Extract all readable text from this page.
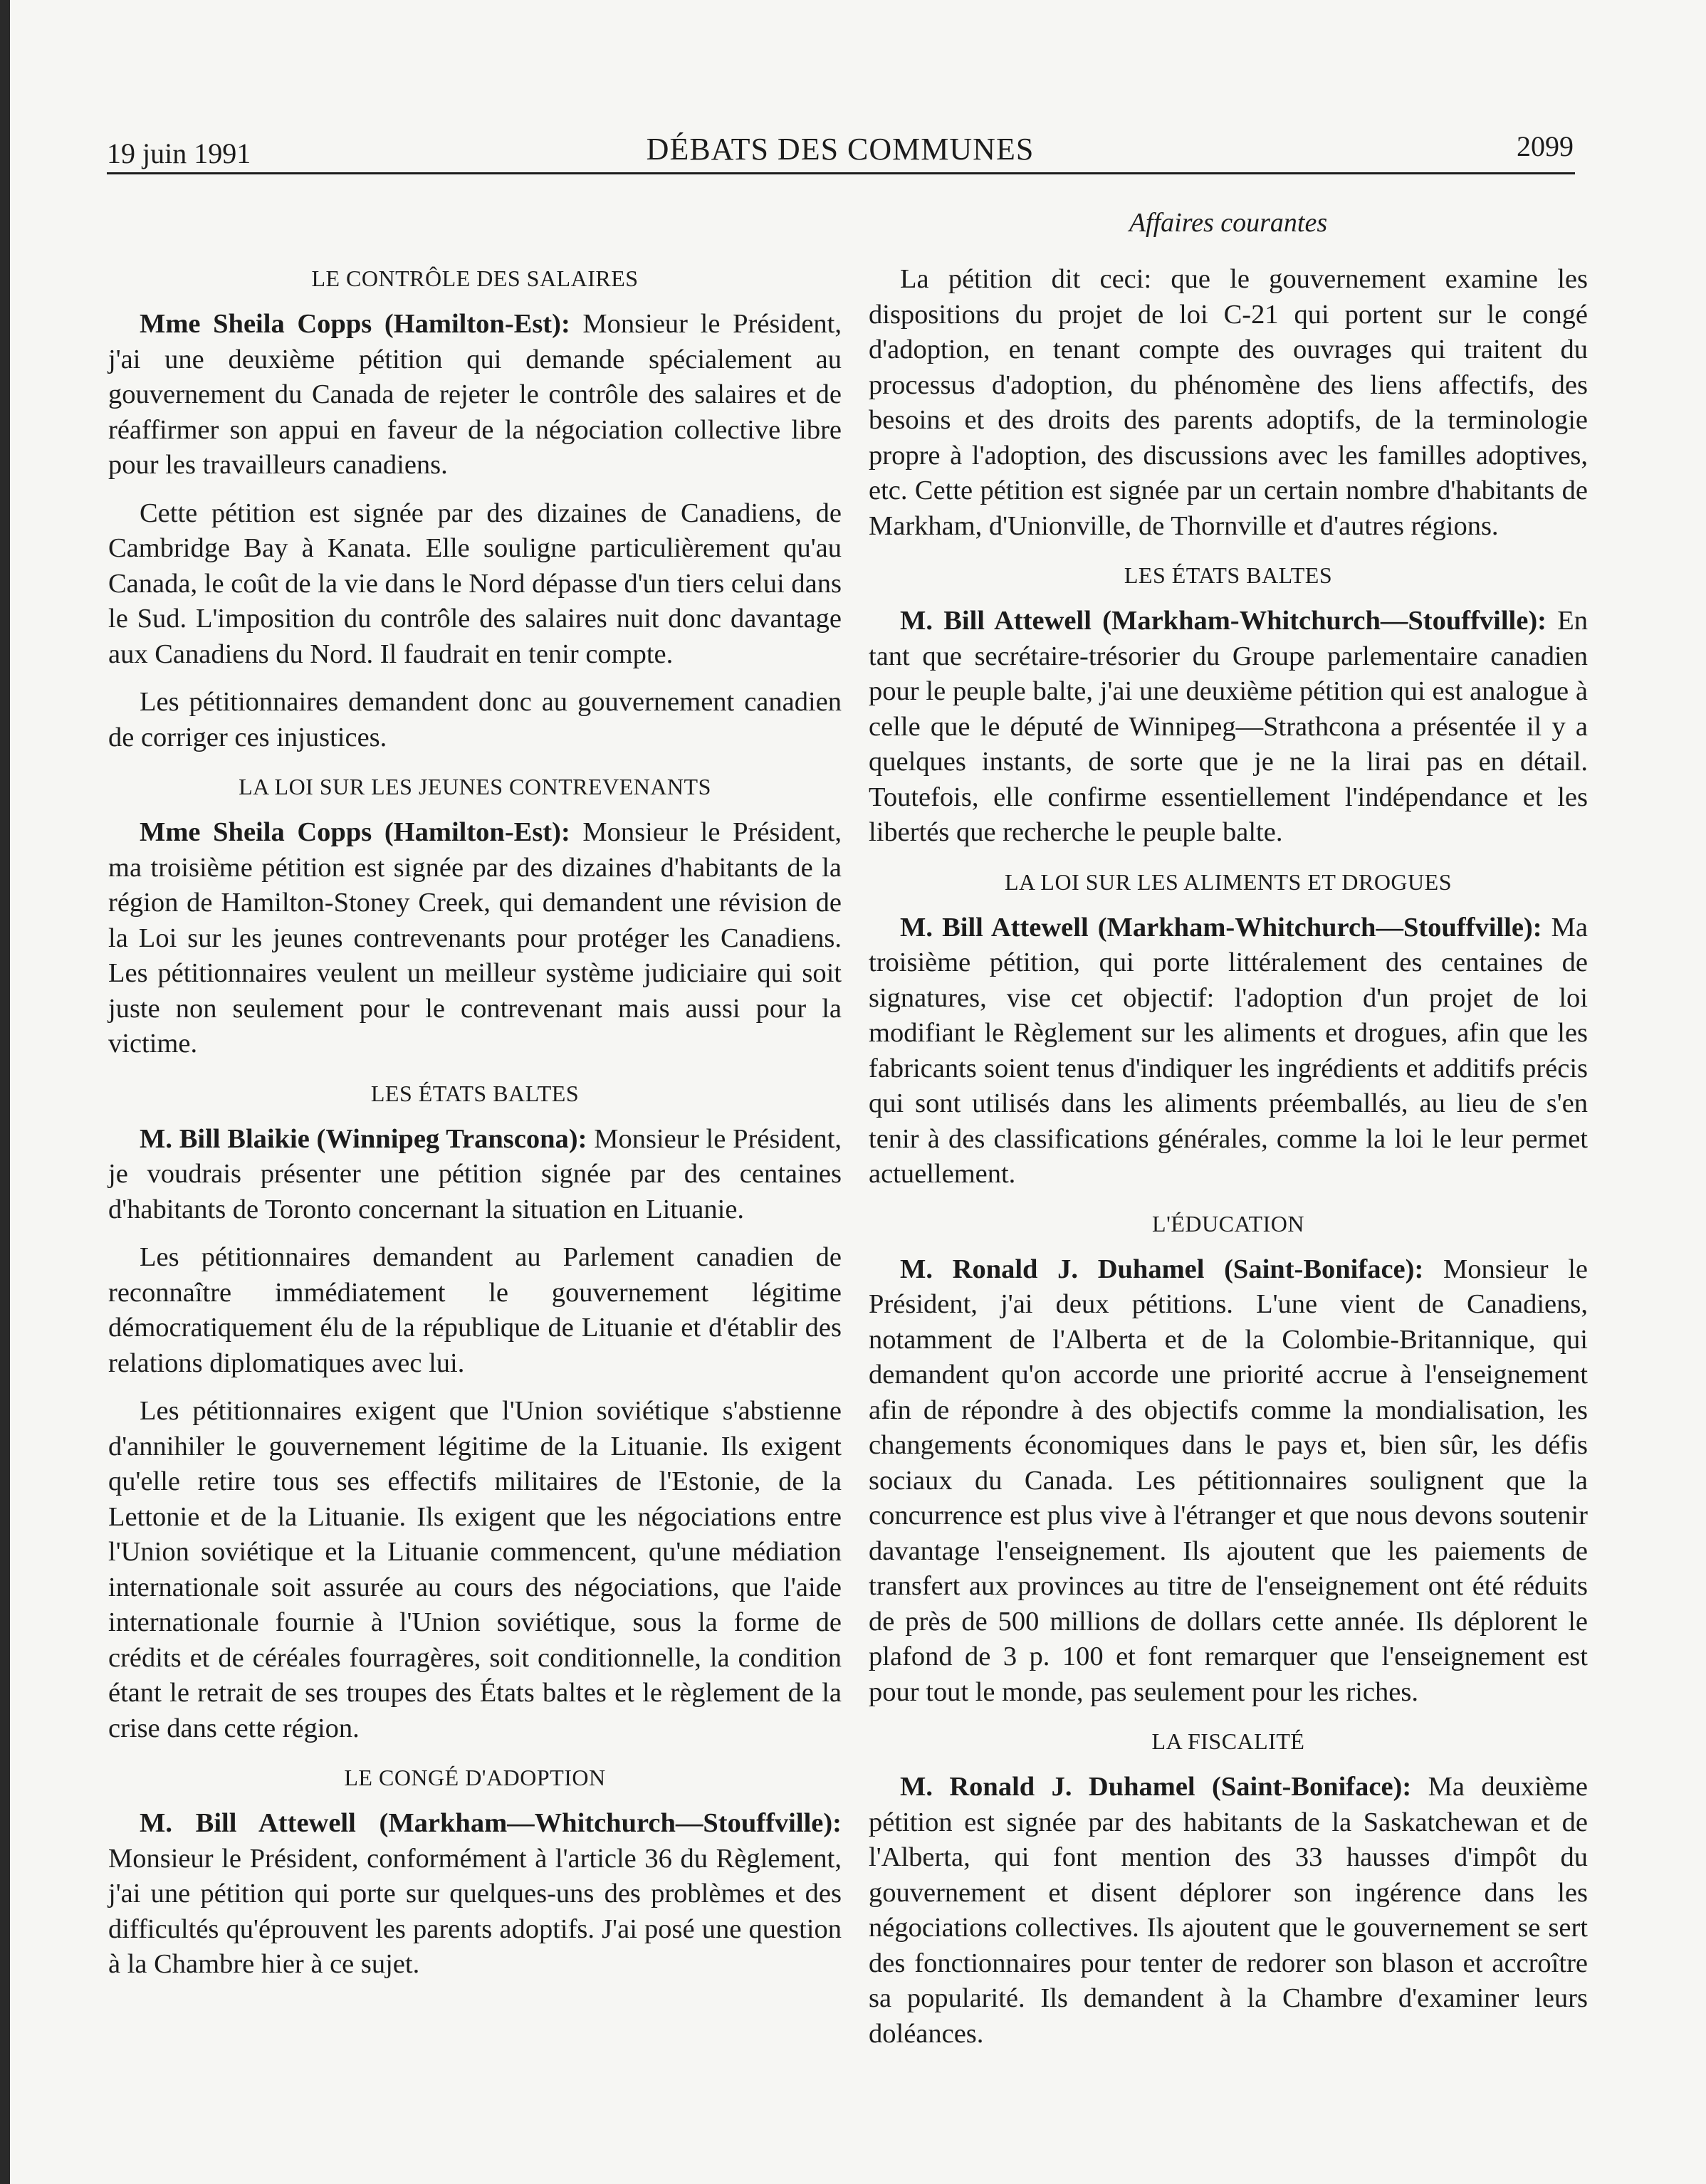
19 juin 1991	DÉBATS DES COMMUNES	2099
LE CONTRÔLE DES SALAIRES

Mme Sheila Copps (Hamilton-Est): Monsieur le Président, j'ai une deuxième pétition qui demande spécialement au gouvernement du Canada de rejeter le contrôle des salaires et de réaffirmer son appui en faveur de la négociation collective libre pour les travailleurs canadiens.

Cette pétition est signée par des dizaines de Canadiens, de Cambridge Bay à Kanata. Elle souligne particulièrement qu'au Canada, le coût de la vie dans le Nord dépasse d'un tiers celui dans le Sud. L'imposition du contrôle des salaires nuit donc davantage aux Canadiens du Nord. Il faudrait en tenir compte.

Les pétitionnaires demandent donc au gouvernement canadien de corriger ces injustices.

LA LOI SUR LES JEUNES CONTREVENANTS

Mme Sheila Copps (Hamilton-Est): Monsieur le Président, ma troisième pétition est signée par des dizaines d'habitants de la région de Hamilton-Stoney Creek, qui demandent une révision de la Loi sur les jeunes contrevenants pour protéger les Canadiens. Les pétitionnaires veulent un meilleur système judiciaire qui soit juste non seulement pour le contrevenant mais aussi pour la victime.

LES ÉTATS BALTES

M. Bill Blaikie (Winnipeg Transcona): Monsieur le Président, je voudrais présenter une pétition signée par des centaines d'habitants de Toronto concernant la situation en Lituanie.

Les pétitionnaires demandent au Parlement canadien de reconnaître immédiatement le gouvernement légitime démocratiquement élu de la république de Lituanie et d'établir des relations diplomatiques avec lui.

Les pétitionnaires exigent que l'Union soviétique s'abstienne d'annihiler le gouvernement légitime de la Lituanie. Ils exigent qu'elle retire tous ses effectifs militaires de l'Estonie, de la Lettonie et de la Lituanie. Ils exigent que les négociations entre l'Union soviétique et la Lituanie commencent, qu'une médiation internationale soit assurée au cours des négociations, que l'aide internationale fournie à l'Union soviétique, sous la forme de crédits et de céréales fourragères, soit conditionnelle, la condition étant le retrait de ses troupes des États baltes et le règlement de la crise dans cette région.

LE CONGÉ D'ADOPTION

M. Bill Attewell (Markham—Whitchurch—Stouffville): Monsieur le Président, conformément à l'article 36 du Règlement, j'ai une pétition qui porte sur quelques-uns des problèmes et des difficultés qu'éprouvent les parents adoptifs. J'ai posé une question à la Chambre hier à ce sujet.

Affaires courantes

La pétition dit ceci: que le gouvernement examine les dispositions du projet de loi C-21 qui portent sur le congé d'adoption, en tenant compte des ouvrages qui traitent du processus d'adoption, du phénomène des liens affectifs, des besoins et des droits des parents adoptifs, de la terminologie propre à l'adoption, des discussions avec les familles adoptives, etc. Cette pétition est signée par un certain nombre d'habitants de Markham, d'Unionville, de Thornville et d'autres régions.

LES ÉTATS BALTES

M. Bill Attewell (Markham-Whitchurch—Stouffville): En tant que secrétaire-trésorier du Groupe parlementaire canadien pour le peuple balte, j'ai une deuxième pétition qui est analogue à celle que le député de Winnipeg—Strathcona a présentée il y a quelques instants, de sorte que je ne la lirai pas en détail. Toutefois, elle confirme essentiellement l'indépendance et les libertés que recherche le peuple balte.

LA LOI SUR LES ALIMENTS ET DROGUES

M. Bill Attewell (Markham-Whitchurch—Stouffville): Ma troisième pétition, qui porte littéralement des centaines de signatures, vise cet objectif: l'adoption d'un projet de loi modifiant le Règlement sur les aliments et drogues, afin que les fabricants soient tenus d'indiquer les ingrédients et additifs précis qui sont utilisés dans les aliments préemballés, au lieu de s'en tenir à des classifications générales, comme la loi le leur permet actuellement.

L'ÉDUCATION

M. Ronald J. Duhamel (Saint-Boniface): Monsieur le Président, j'ai deux pétitions. L'une vient de Canadiens, notamment de l'Alberta et de la Colombie-Britannique, qui demandent qu'on accorde une priorité accrue à l'enseignement afin de répondre à des objectifs comme la mondialisation, les changements économiques dans le pays et, bien sûr, les défis sociaux du Canada. Les pétitionnaires soulignent que la concurrence est plus vive à l'étranger et que nous devons soutenir davantage l'enseignement. Ils ajoutent que les paiements de transfert aux provinces au titre de l'enseignement ont été réduits de près de 500 millions de dollars cette année. Ils déplorent le plafond de 3 p. 100 et font remarquer que l'enseignement est pour tout le monde, pas seulement pour les riches.

LA FISCALITÉ

M. Ronald J. Duhamel (Saint-Boniface): Ma deuxième pétition est signée par des habitants de la Saskatchewan et de l'Alberta, qui font mention des 33 hausses d'impôt du gouvernement et disent déplorer son ingérence dans les négociations collectives. Ils ajoutent que le gouvernement se sert des fonctionnaires pour tenter de redorer son blason et accroître sa popularité. Ils demandent à la Chambre d'examiner leurs doléances.
